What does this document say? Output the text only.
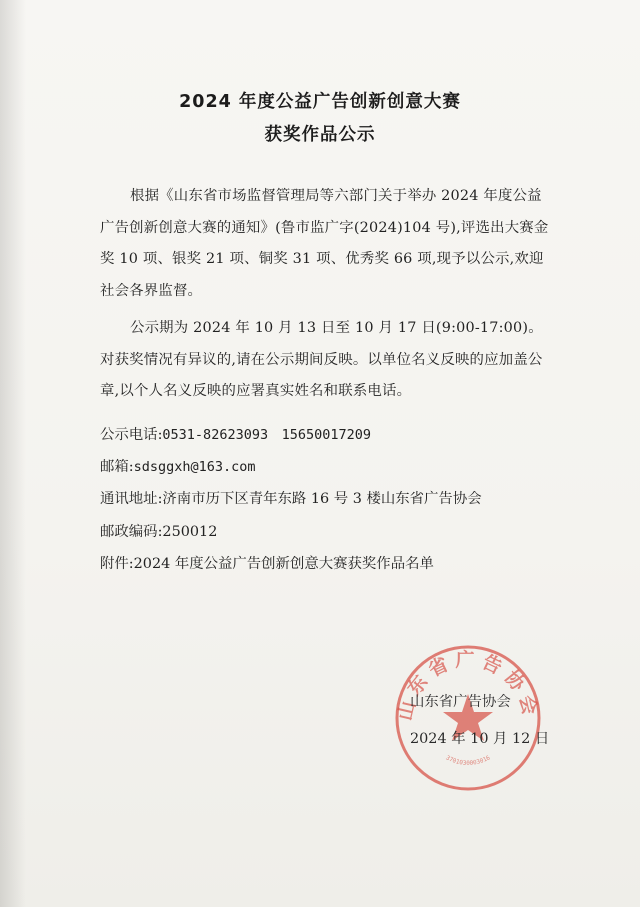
2024 年度公益广告创新创意大赛
获奖作品公示
根据《山东省市场监督管理局等六部门关于举办 2024 年度公益广告创新创意大赛的通知》(鲁市监广字(2024)104 号),评选出大赛金奖 10 项、银奖 21 项、铜奖 31 项、优秀奖 66 项,现予以公示,欢迎社会各界监督。
公示期为 2024 年 10 月 13 日至 10 月 17 日(9:00-17:00)。对获奖情况有异议的,请在公示期间反映。以单位名义反映的应加盖公章,以个人名义反映的应署真实姓名和联系电话。
公示电话:0531-82623093　15650017209
邮箱:sdsggxh@163.com
通讯地址:济南市历下区青年东路 16 号 3 楼山东省广告协会
邮政编码:250012
附件:2024 年度公益广告创新创意大赛获奖作品名单
山东省广告协会
3701030003016
山东省广告协会
2024 年 10 月 12 日
